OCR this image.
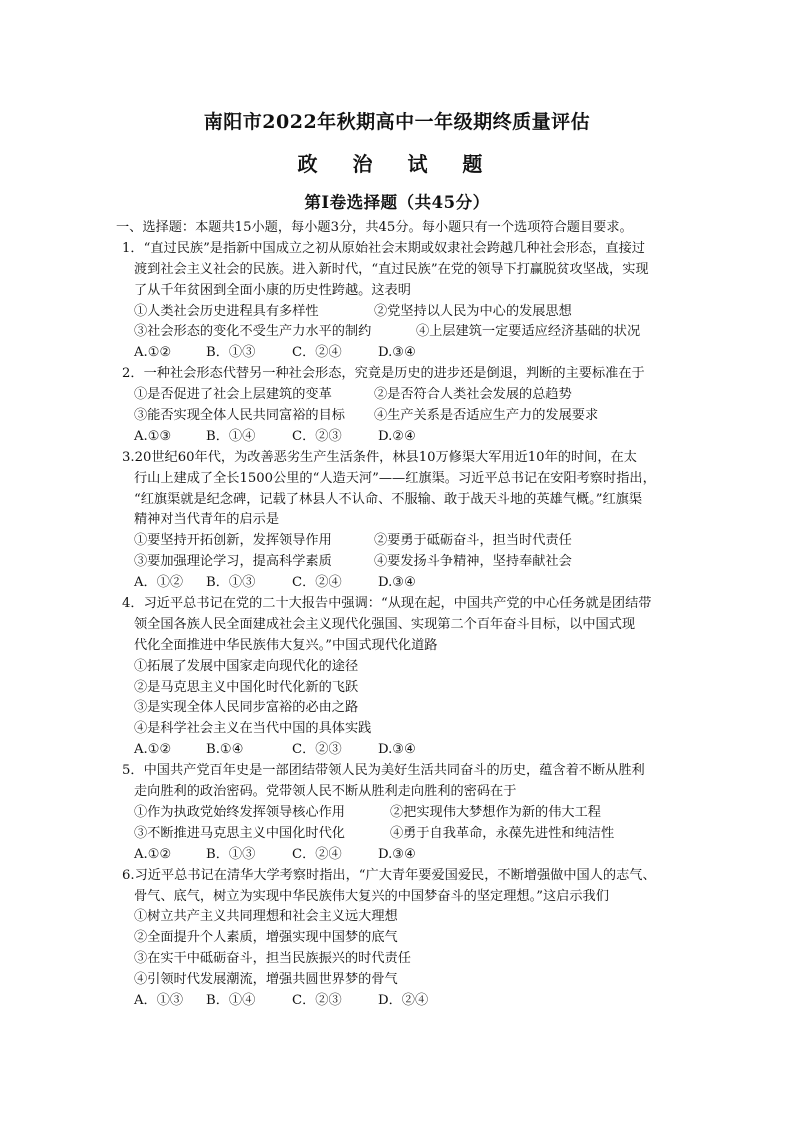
南阳市2022年秋期高中一年级期终质量评估
政 治 试 题
第Ⅰ卷选择题（共45分）
一、选择题：本题共15小题，每小题3分，共45分。每小题只有一个选项符合题目要求。
1．“直过民族”是指新中国成立之初从原始社会末期或奴隶社会跨越几种社会形态，直接过
渡到社会主义社会的民族。进入新时代，“直过民族”在党的领导下打赢脱贫攻坚战，实现
了从千年贫困到全面小康的历史性跨越。这表明
①人类社会历史进程具有多样性	②党坚持以人民为中心的发展思想
③社会形态的变化不受生产力水平的制约	④上层建筑一定要适应经济基础的状况
A.①②	B．①③	C．②④	D.③④
2．一种社会形态代替另一种社会形态，究竟是历史的进步还是倒退，判断的主要标准在于
①是否促进了社会上层建筑的变革	②是否符合人类社会发展的总趋势
③能否实现全体人民共同富裕的目标 ④生产关系是否适应生产力的发展要求
A.①③	B．①④	C．②③	D.②④
3.20世纪60年代，为改善恶劣生产生活条件，林县10万修渠大军用近10年的时间，在太
行山上建成了全长1500公里的“人造天河”——红旗渠。习近平总书记在安阳考察时指出，
“红旗渠就是纪念碑，记载了林县人不认命、不服输、敢于战天斗地的英雄气概。”红旗渠
精神对当代青年的启示是
①要坚持开拓创新，发挥领导作用	②要勇于砥砺奋斗，担当时代责任
③要加强理论学习，提高科学素质	④要发扬斗争精神，坚持奉献社会
A．①② B．①③	C．②④	D.③④
4．习近平总书记在党的二十大报告中强调：“从现在起，中国共产党的中心任务就是团结带
领全国各族人民全面建成社会主义现代化强国、实现第二个百年奋斗目标，以中国式现
代化全面推进中华民族伟大复兴。”中国式现代化道路
①拓展了发展中国家走向现代化的途径
②是马克思主义中国化时代化新的飞跃
③是实现全体人民同步富裕的必由之路
④是科学社会主义在当代中国的具体实践
A.①②	B.①④	C．②③	D.③④
5．中国共产党百年史是一部团结带领人民为美好生活共同奋斗的历史，蕴含着不断从胜利
走向胜利的政治密码。党带领人民不断从胜利走向胜利的密码在于
①作为执政党始终发挥领导核心作用	②把实现伟大梦想作为新的伟大工程
③不断推进马克思主义中国化时代化	④勇于自我革命，永葆先进性和纯洁性
A.①②	B．①③	C．②④	D.③④
6.习近平总书记在清华大学考察时指出，“广大青年要爱国爱民，不断增强做中国人的志气、
骨气、底气，树立为实现中华民族伟大复兴的中国梦奋斗的坚定理想。”这启示我们
①树立共产主义共同理想和社会主义远大理想
②全面提升个人素质，增强实现中国梦的底气
③在实干中砥砺奋斗，担当民族振兴的时代责任
④引领时代发展潮流，增强共圆世界梦的骨气
A．①③ B．①④	C．②③	D．②④
